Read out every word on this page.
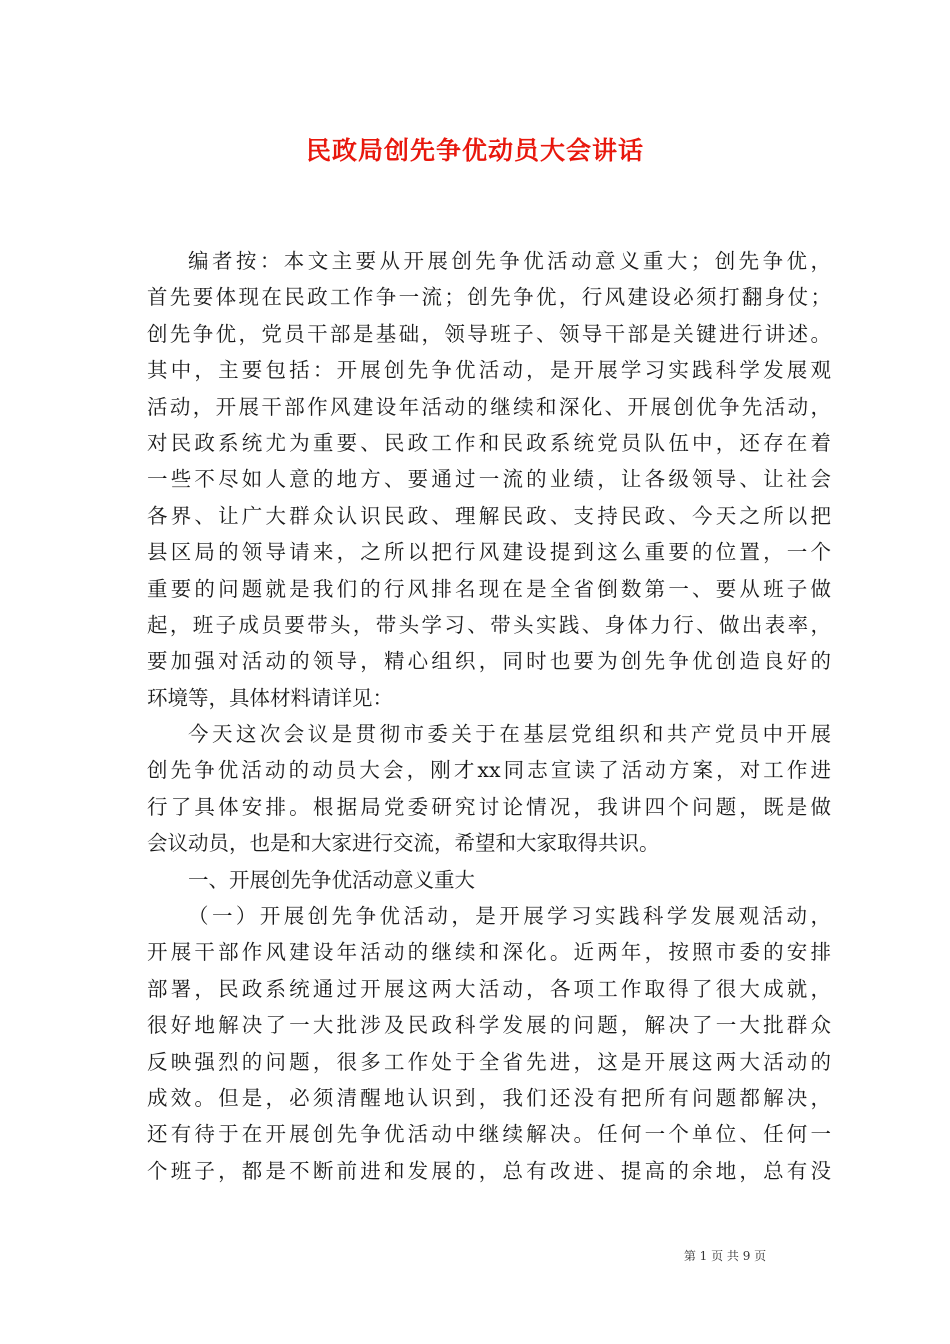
民政局创先争优动员大会讲话
编者按：本文主要从开展创先争优活动意义重大；创先争优，
首先要体现在民政工作争一流；创先争优，行风建设必须打翻身仗；
创先争优，党员干部是基础，领导班子、领导干部是关键进行讲述。
其中，主要包括：开展创先争优活动，是开展学习实践科学发展观
活动，开展干部作风建设年活动的继续和深化、开展创优争先活动，
对民政系统尤为重要、民政工作和民政系统党员队伍中，还存在着
一些不尽如人意的地方、要通过一流的业绩，让各级领导、让社会
各界、让广大群众认识民政、理解民政、支持民政、今天之所以把
县区局的领导请来，之所以把行风建设提到这么重要的位置，一个
重要的问题就是我们的行风排名现在是全省倒数第一、要从班子做
起，班子成员要带头，带头学习、带头实践、身体力行、做出表率，
要加强对活动的领导，精心组织，同时也要为创先争优创造良好的
环境等，具体材料请详见：
今天这次会议是贯彻市委关于在基层党组织和共产党员中开展
创先争优活动的动员大会，刚才xx同志宣读了活动方案，对工作进
行了具体安排。根据局党委研究讨论情况，我讲四个问题，既是做
会议动员，也是和大家进行交流，希望和大家取得共识。
一、开展创先争优活动意义重大
（一）开展创先争优活动，是开展学习实践科学发展观活动，
开展干部作风建设年活动的继续和深化。近两年，按照市委的安排
部署，民政系统通过开展这两大活动，各项工作取得了很大成就，
很好地解决了一大批涉及民政科学发展的问题，解决了一大批群众
反映强烈的问题，很多工作处于全省先进，这是开展这两大活动的
成效。但是，必须清醒地认识到，我们还没有把所有问题都解决，
还有待于在开展创先争优活动中继续解决。任何一个单位、任何一
个班子，都是不断前进和发展的，总有改进、提高的余地，总有没
第 1 页 共 9 页
